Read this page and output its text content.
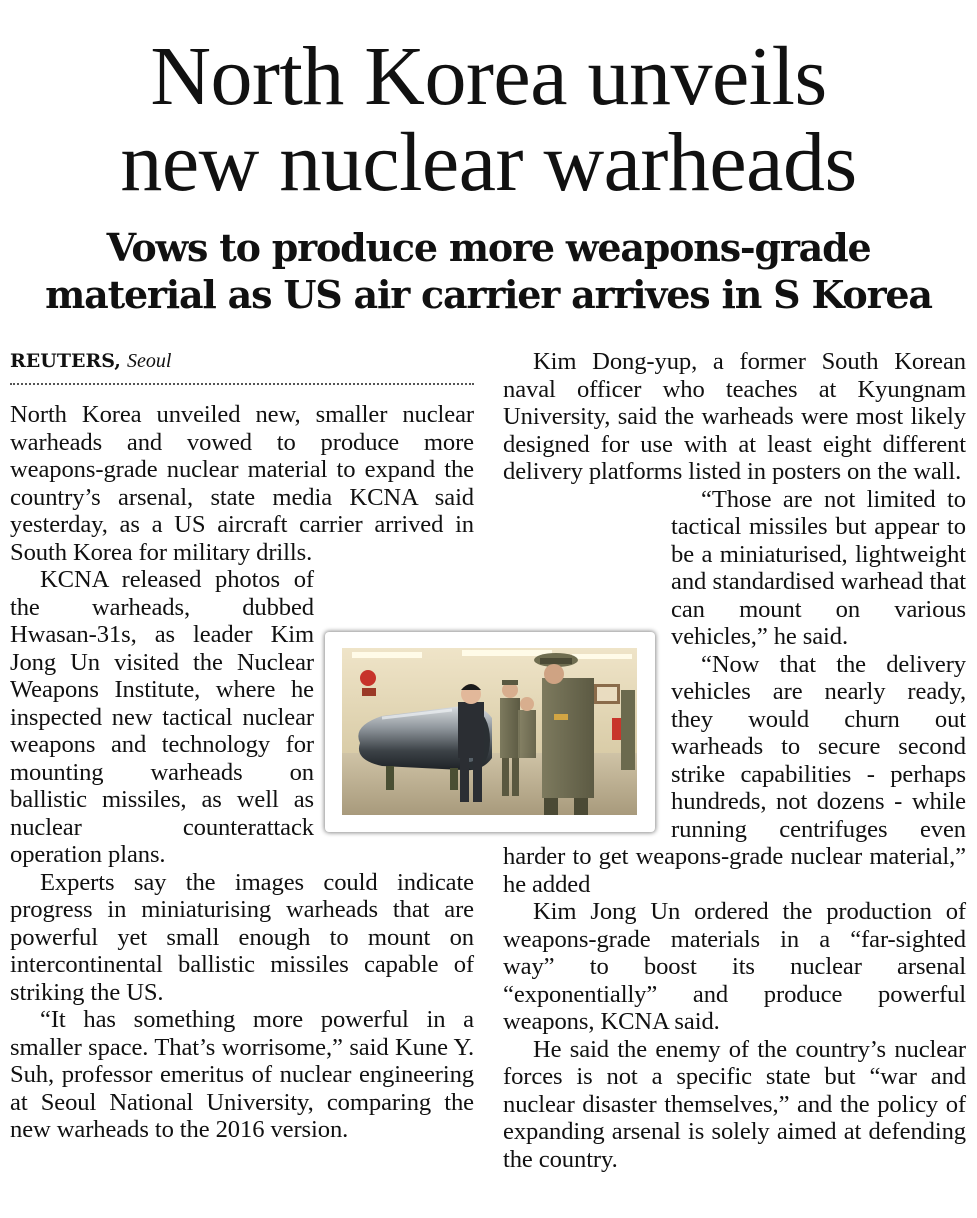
North Korea unveils
new nuclear warheads
Vows to produce more weapons-grade
material as US air carrier arrives in S Korea
REUTERS, Seoul

North Korea unveiled new, smaller nuclear warheads and vowed to produce more weapons-grade nuclear material to expand the country’s arsenal, state media KCNA said yesterday, as a US aircraft carrier arrived in South Korea for military drills.

KCNA released photos of the warheads, dubbed Hwasan-31s, as leader Kim Jong Un visited the Nuclear Weapons Institute, where he inspected new tactical nuclear weapons and technology for mounting warheads on ballistic missiles, as well as nuclear counterattack operation plans.

Experts say the images could indicate progress in miniaturising warheads that are powerful yet small enough to mount on intercontinental ballistic missiles capable of striking the US.

“It has something more powerful in a smaller space. That’s worrisome,” said Kune Y. Suh, professor emeritus of nuclear engineering at Seoul National University, comparing the new warheads to the 2016 version.

Kim Dong-yup, a former South Korean naval officer who teaches at Kyungnam University, said the warheads were most likely designed for use with at least eight different delivery platforms listed in posters on the wall.

“Those are not limited to tactical missiles but appear to be a miniaturised, lightweight and standardised warhead that can mount on various vehicles,” he said.

“Now that the delivery vehicles are nearly ready, they would churn out warheads to secure second strike capabilities - perhaps hundreds, not dozens - while running centrifuges even harder to get weapons-grade nuclear material,” he added

Kim Jong Un ordered the production of weapons-grade materials in a “far-sighted way” to boost its nuclear arsenal “exponentially” and produce powerful weapons, KCNA said.

He said the enemy of the country’s nuclear forces is not a specific state but “war and nuclear disaster themselves,” and the policy of expanding arsenal is solely aimed at defending the country.
